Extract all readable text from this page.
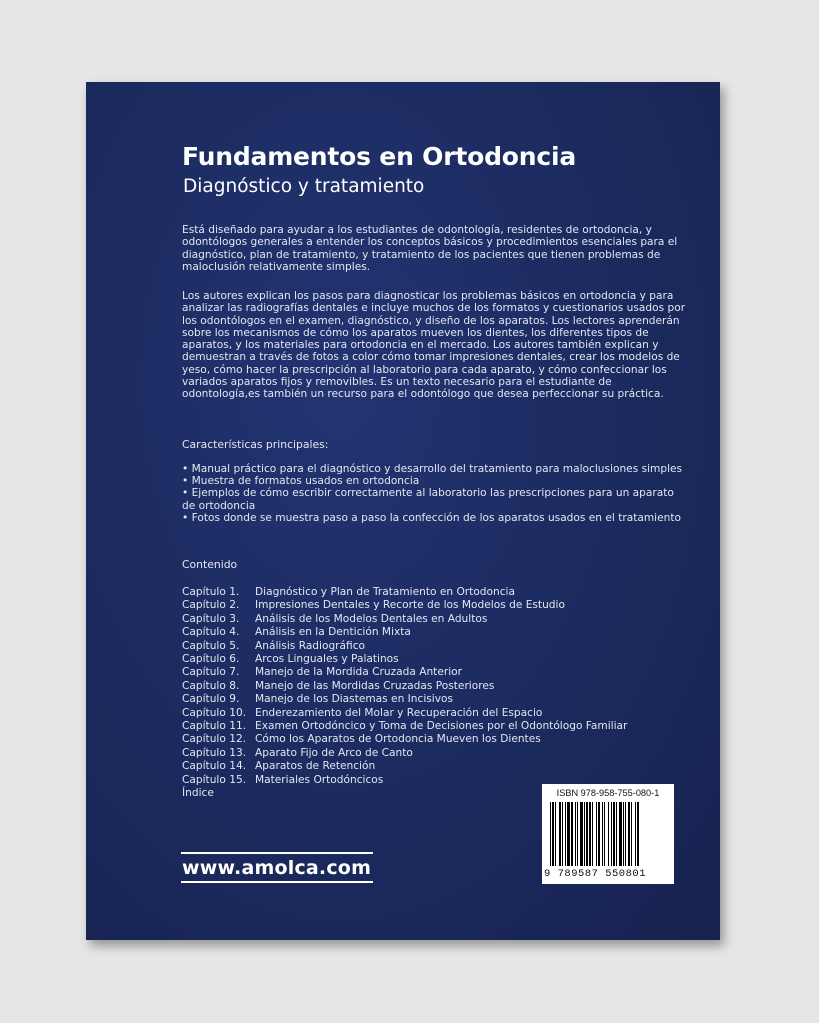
Fundamentos en Ortodoncia
Diagnóstico y tratamiento
Está diseñado para ayudar a los estudiantes de odontología, residentes de ortodoncia, y odontólogos generales a entender los conceptos básicos y procedimientos esenciales para el diagnóstico, plan de tratamiento, y tratamiento de los pacientes que tienen problemas de maloclusión relativamente simples.
Los autores explican los pasos para diagnosticar los problemas básicos en ortodoncia y para analizar las radiografías dentales e incluye muchos de los formatos y cuestionarios usados por los odontólogos en el examen, diagnóstico, y diseño de los aparatos. Los lectores aprenderán sobre los mecanismos de cómo los aparatos mueven los dientes, los diferentes tipos de aparatos, y los materiales para ortodoncia en el mercado. Los autores también explican y demuestran a través de fotos a color cómo tomar impresiones dentales, crear los modelos de yeso, cómo hacer la prescripción al laboratorio para cada aparato, y cómo confeccionar los variados aparatos fijos y removibles. Es un texto necesario para el estudiante de odontología,es también un recurso para el odontólogo que desea perfeccionar su práctica.
Características principales:
• Manual práctico para el diagnóstico y desarrollo del tratamiento para maloclusiones simples
• Muestra de formatos usados en ortodoncia
• Ejemplos de cómo escribir correctamente al laboratorio las prescripciones para un aparato de ortodoncia
• Fotos donde se muestra paso a paso la confección de los aparatos usados en el tratamiento
Contenido
Capítulo 1.	Diagnóstico y Plan de Tratamiento en Ortodoncia
Capítulo 2.	Impresiones Dentales y Recorte de los Modelos de Estudio
Capítulo 3.	Análisis de los Modelos Dentales en Adultos
Capítulo 4.	Análisis en la Dentición Mixta
Capítulo 5.	Análisis Radiográfico
Capítulo 6.	Arcos Linguales y Palatinos
Capítulo 7.	Manejo de la Mordida Cruzada Anterior
Capítulo 8.	Manejo de las Mordidas Cruzadas Posteriores
Capítulo 9.	Manejo de los Diastemas en Incisivos
Capítulo 10. Enderezamiento del Molar y Recuperación del Espacio
Capítulo 11. Examen Ortodóncico y Toma de Decisiones por el Odontólogo Familiar
Capítulo 12. Cómo los Aparatos de Ortodoncia Mueven los Dientes
Capítulo 13. Aparato Fijo de Arco de Canto
Capítulo 14. Aparatos de Retención
Capítulo 15. Materiales Ortodóncicos
Índice
www.amolca.com
ISBN 978-958-755-080-1
9 789587 550801
